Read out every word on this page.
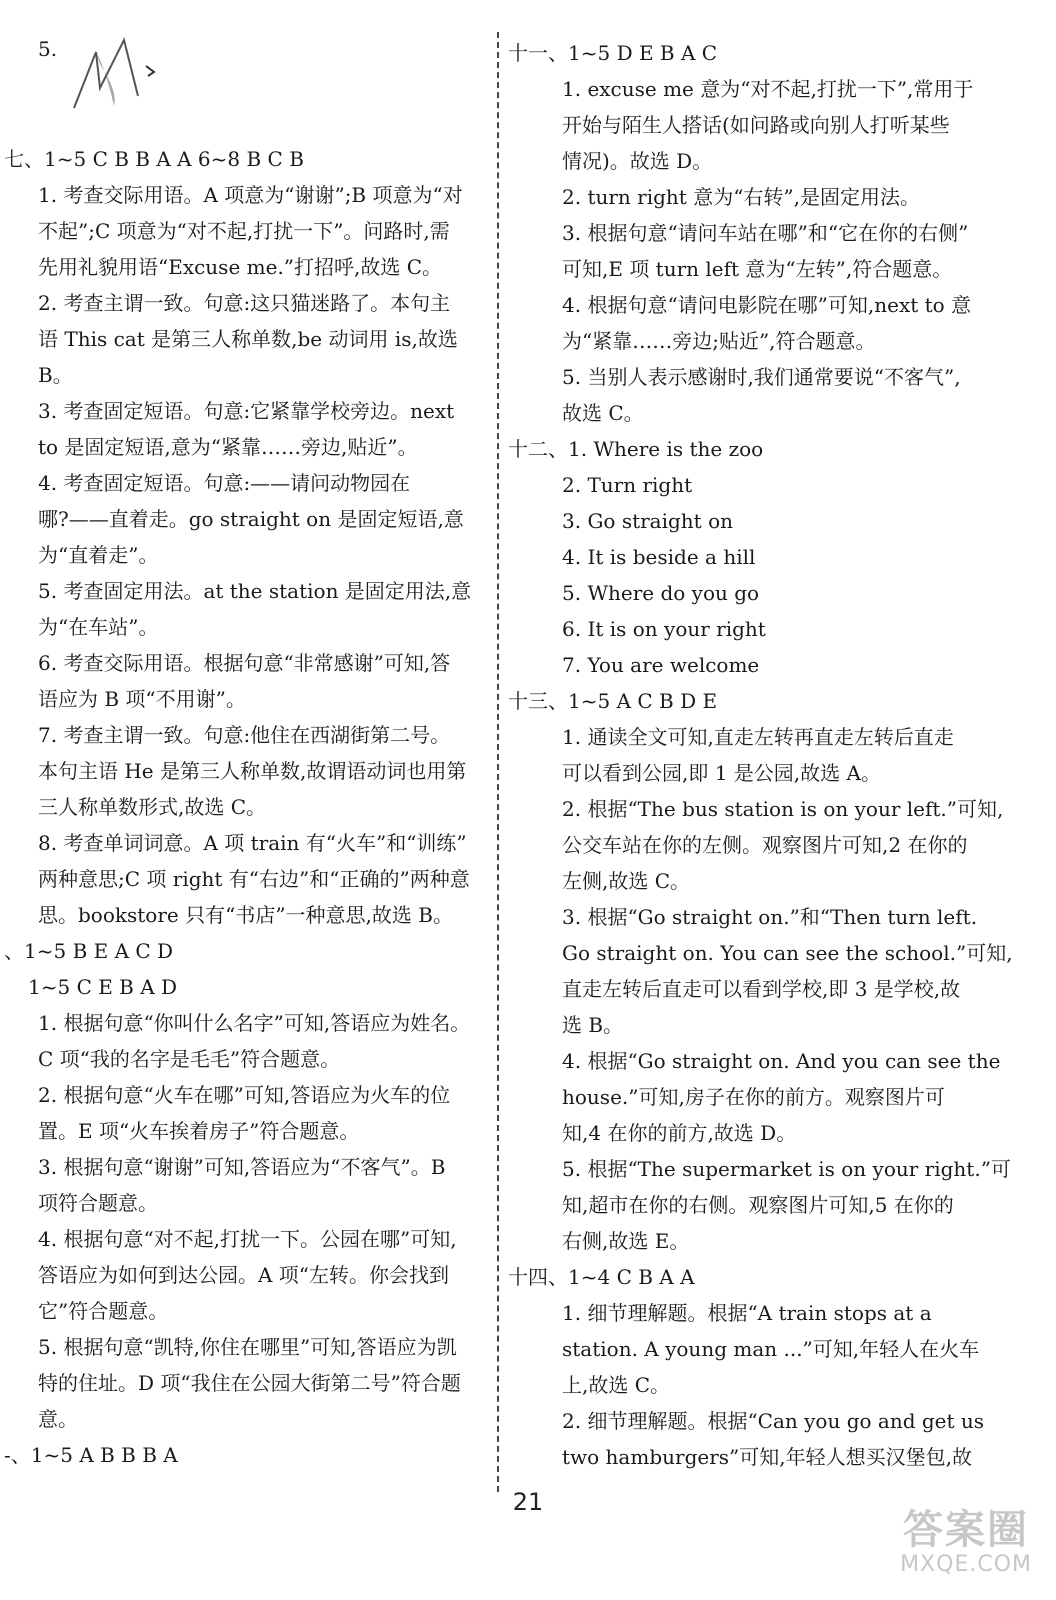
5.
七、1~5 C B B A A 6~8 B C B
1. 考查交际用语。A 项意为“谢谢”;B 项意为“对
不起”;C 项意为“对不起,打扰一下”。问路时,需
先用礼貌用语“Excuse me.”打招呼,故选 C。
2. 考查主谓一致。句意:这只猫迷路了。本句主
语 This cat 是第三人称单数,be 动词用 is,故选
B。
3. 考查固定短语。句意:它紧靠学校旁边。next
to 是固定短语,意为“紧靠……旁边,贴近”。
4. 考查固定短语。句意:——请问动物园在
哪?——直着走。go straight on 是固定短语,意
为“直着走”。
5. 考查固定用法。at the station 是固定用法,意
为“在车站”。
6. 考查交际用语。根据句意“非常感谢”可知,答
语应为 B 项“不用谢”。
7. 考查主谓一致。句意:他住在西湖街第二号。
本句主语 He 是第三人称单数,故谓语动词也用第
三人称单数形式,故选 C。
8. 考查单词词意。A 项 train 有“火车”和“训练”
两种意思;C 项 right 有“右边”和“正确的”两种意
思。bookstore 只有“书店”一种意思,故选 B。
、1~5 B E A C D
1~5 C E B A D
1. 根据句意“你叫什么名字”可知,答语应为姓名。
C 项“我的名字是毛毛”符合题意。
2. 根据句意“火车在哪”可知,答语应为火车的位
置。E 项“火车挨着房子”符合题意。
3. 根据句意“谢谢”可知,答语应为“不客气”。B
项符合题意。
4. 根据句意“对不起,打扰一下。公园在哪”可知,
答语应为如何到达公园。A 项“左转。你会找到
它”符合题意。
5. 根据句意“凯特,你住在哪里”可知,答语应为凯
特的住址。D 项“我住在公园大街第二号”符合题
意。
-、1~5 A B B B A
十一、1~5 D E B A C
1. excuse me 意为“对不起,打扰一下”,常用于
开始与陌生人搭话(如问路或向别人打听某些
情况)。故选 D。
2. turn right 意为“右转”,是固定用法。
3. 根据句意“请问车站在哪”和“它在你的右侧”
可知,E 项 turn left 意为“左转”,符合题意。
4. 根据句意“请问电影院在哪”可知,next to 意
为“紧靠……旁边;贴近”,符合题意。
5. 当别人表示感谢时,我们通常要说“不客气”,
故选 C。
十二、1. Where is the zoo
2. Turn right
3. Go straight on
4. It is beside a hill
5. Where do you go
6. It is on your right
7. You are welcome
十三、1~5 A C B D E
1. 通读全文可知,直走左转再直走左转后直走
可以看到公园,即 1 是公园,故选 A。
2. 根据“The bus station is on your left.”可知,
公交车站在你的左侧。观察图片可知,2 在你的
左侧,故选 C。
3. 根据“Go straight on.”和“Then turn left.
Go straight on. You can see the school.”可知,
直走左转后直走可以看到学校,即 3 是学校,故
选 B。
4. 根据“Go straight on. And you can see the
house.”可知,房子在你的前方。观察图片可
知,4 在你的前方,故选 D。
5. 根据“The supermarket is on your right.”可
知,超市在你的右侧。观察图片可知,5 在你的
右侧,故选 E。
十四、1~4 C B A A
1. 细节理解题。根据“A train stops at a
station. A young man ...”可知,年轻人在火车
上,故选 C。
2. 细节理解题。根据“Can you go and get us
two hamburgers”可知,年轻人想买汉堡包,故
21
答案圈
MXQE.COM
